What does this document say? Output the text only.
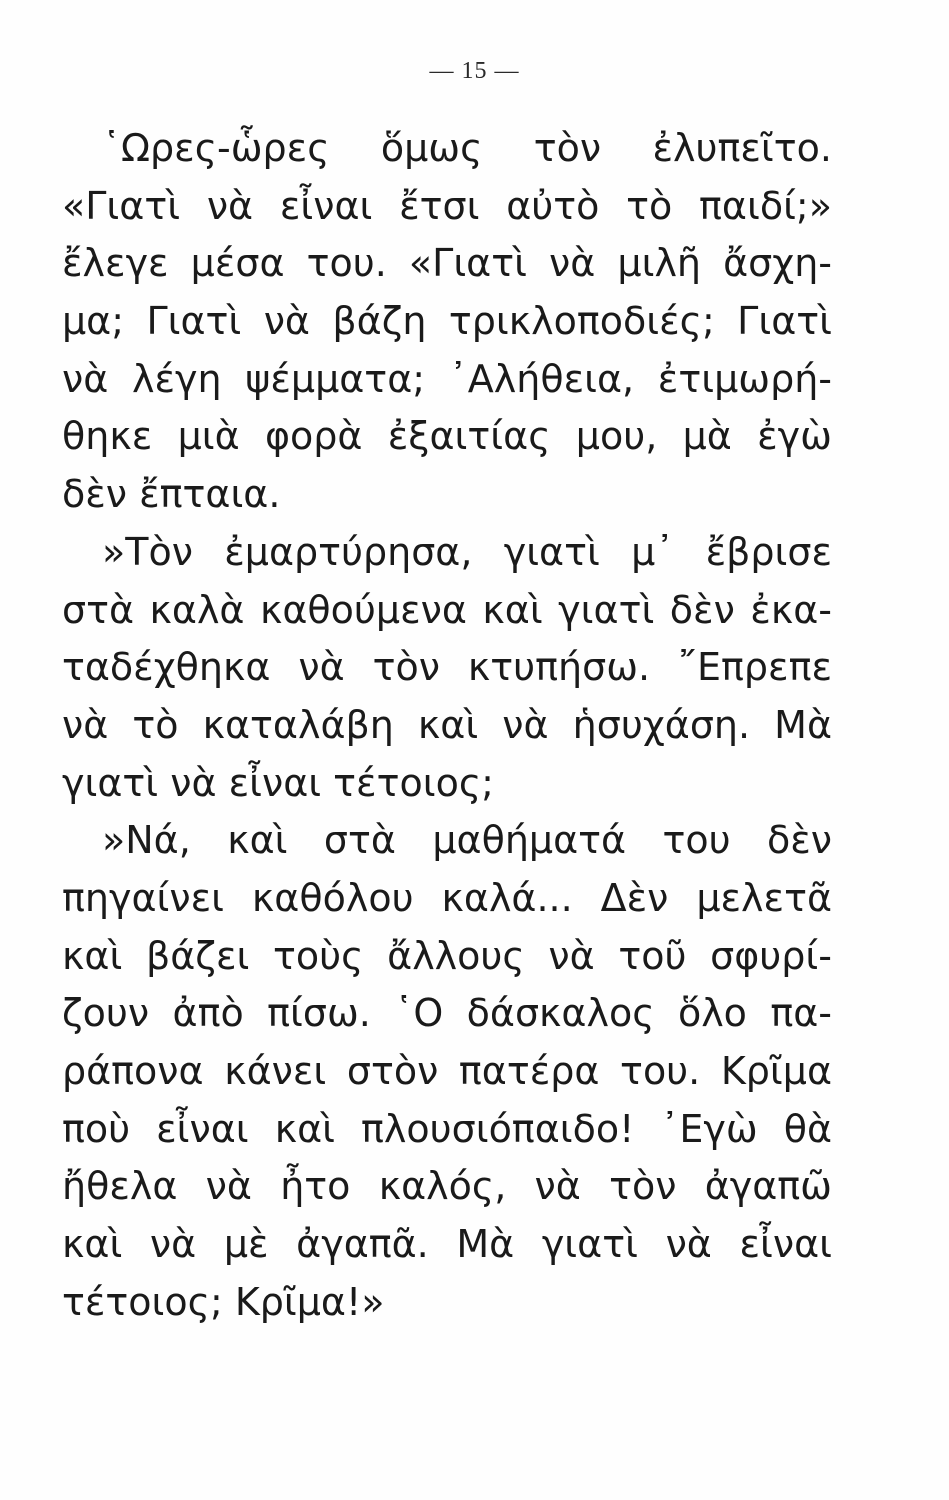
— 15 —
῾Ωρες-ὧρες ὅμως τὸν ἐλυπεῖτο.
«Γιατὶ νὰ εἶναι ἔτσι αὐτὸ τὸ παιδί;»
ἔλεγε μέσα του. «Γιατὶ νὰ μιλῆ ἄσχη-
μα; Γιατὶ νὰ βάζη τρικλοποδιές; Γιατὶ
νὰ λέγη ψέμματα; ᾿Αλήθεια, ἐτιμωρή-
θηκε μιὰ φορὰ ἐξαιτίας μου, μὰ ἐγὼ
δὲν ἔπταια.
»Τὸν ἐμαρτύρησα, γιατὶ μ᾿ ἔβρισε
στὰ καλὰ καθούμενα καὶ γιατὶ δὲν ἐκα-
ταδέχθηκα νὰ τὸν κτυπήσω. ῎Επρεπε
νὰ τὸ καταλάβη καὶ νὰ ἡσυχάση. Μὰ
γιατὶ νὰ εἶναι τέτοιος;
»Νά, καὶ στὰ μαθήματά του δὲν
πηγαίνει καθόλου καλά... Δὲν μελετᾶ
καὶ βάζει τοὺς ἄλλους νὰ τοῦ σφυρί-
ζουν ἀπὸ πίσω. ῾Ο δάσκαλος ὅλο πα-
ράπονα κάνει στὸν πατέρα του. Κρῖμα
ποὺ εἶναι καὶ πλουσιόπαιδο! ᾿Εγὼ θὰ
ἤθελα νὰ ἦτο καλός, νὰ τὸν ἀγαπῶ
καὶ νὰ μὲ ἀγαπᾶ. Μὰ γιατὶ νὰ εἶναι
τέτοιος; Κρῖμα!»
